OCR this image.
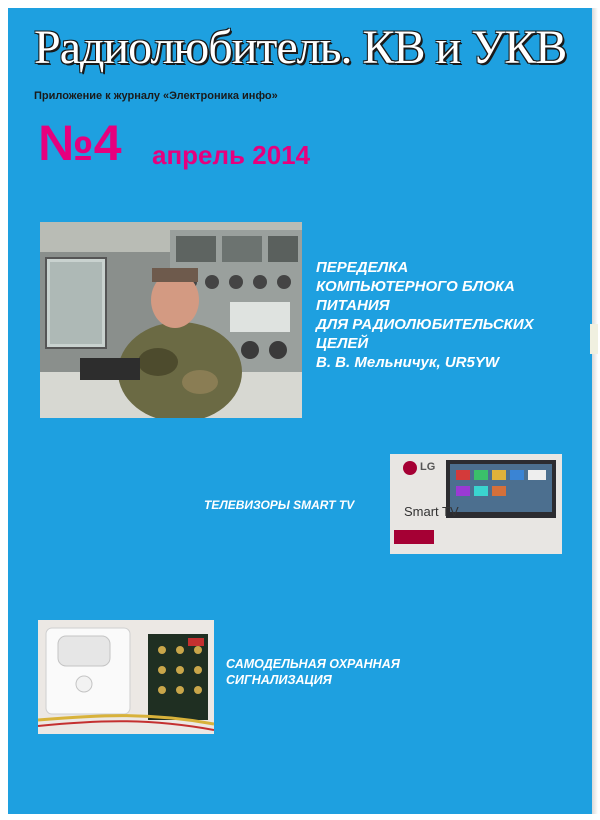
Радиолюбитель. КВ и УКВ
Приложение к журналу «Электроника инфо»
№4 апрель 2014
ПЕРЕДЕЛКА
КОМПЬЮТЕРНОГО БЛОКА
ПИТАНИЯ
ДЛЯ РАДИОЛЮБИТЕЛЬСКИХ
ЦЕЛЕЙ
В. В. Мельничук, UR5YW
LG
Smart TV
ТЕЛЕВИЗОРЫ SMART TV
САМОДЕЛЬНАЯ ОХРАННАЯ СИГНАЛИЗАЦИЯ
